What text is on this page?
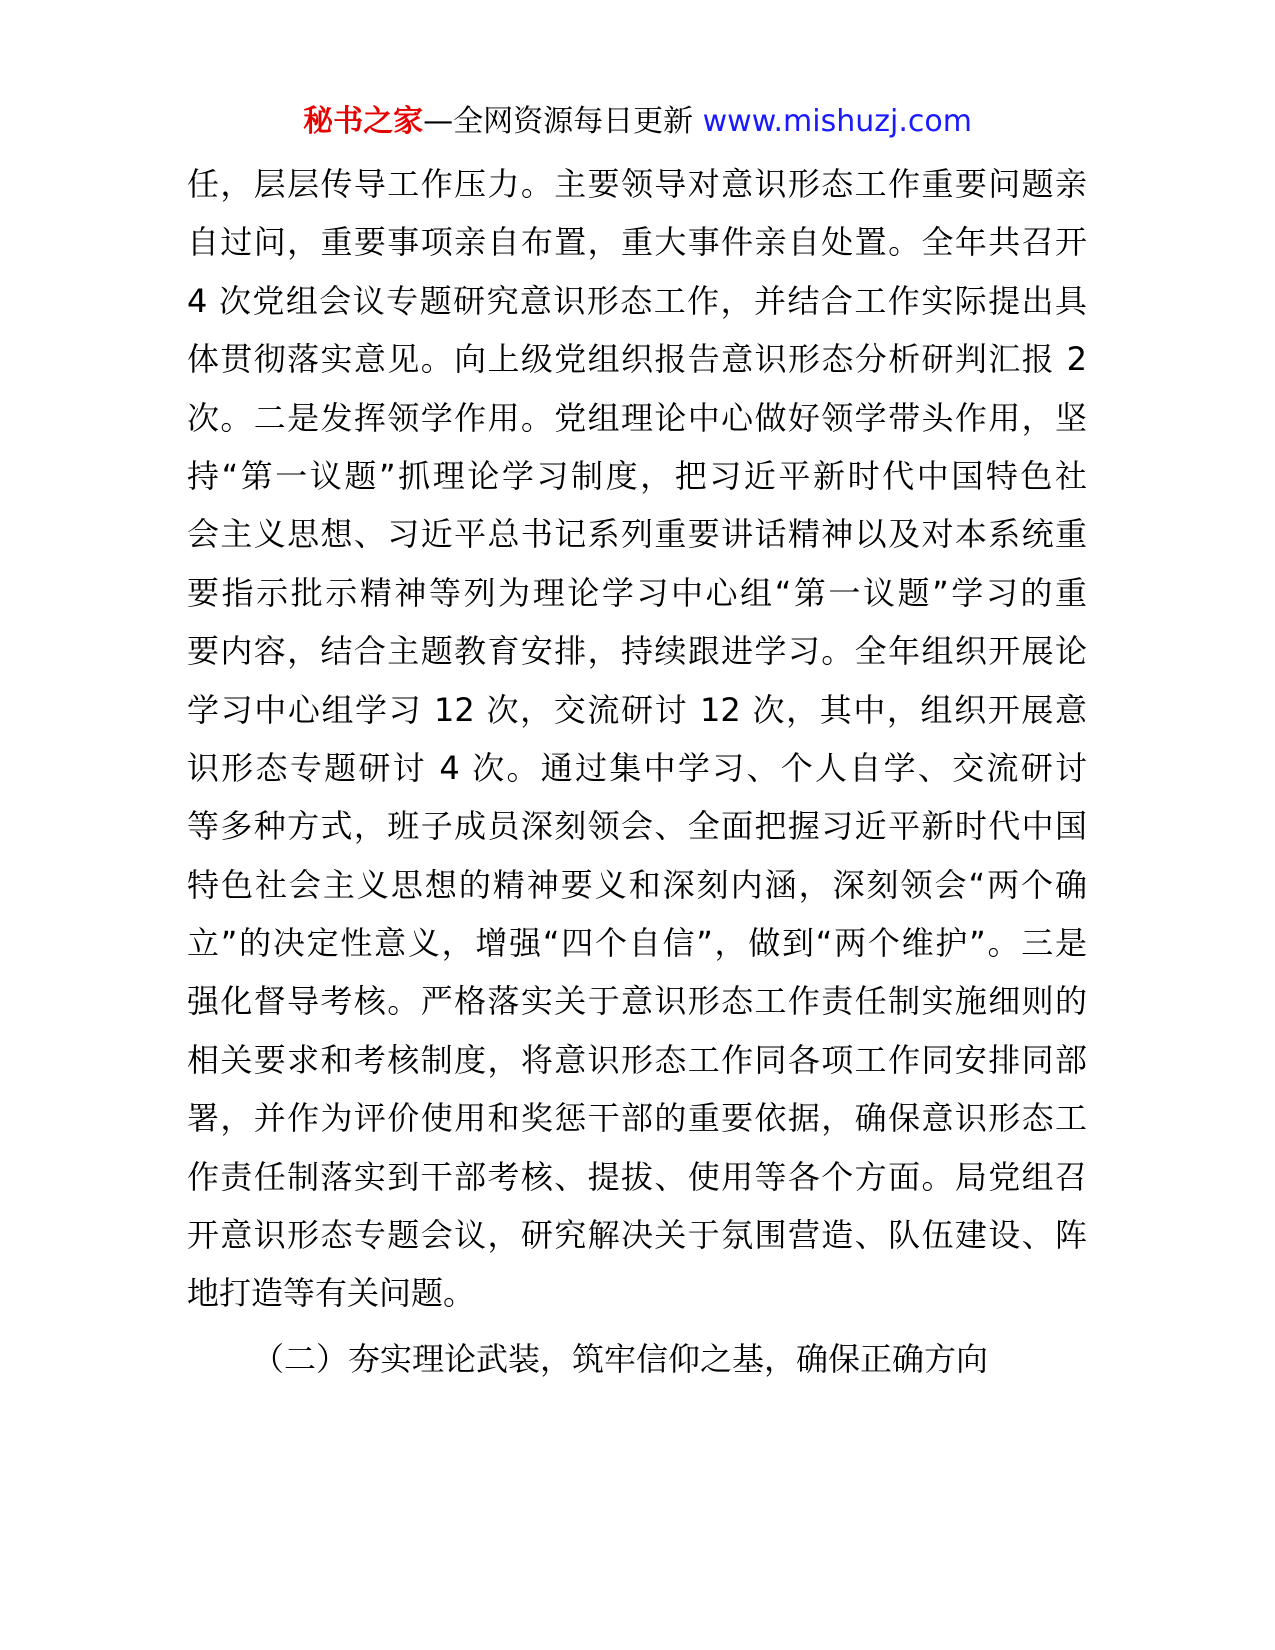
秘书之家—全网资源每日更新 www.mishuzj.com
任，层层传导工作压力。主要领导对意识形态工作重要问题亲
自过问，重要事项亲自布置，重大事件亲自处置。全年共召开
4 次党组会议专题研究意识形态工作，并结合工作实际提出具
体贯彻落实意见。向上级党组织报告意识形态分析研判汇报 2
次。二是发挥领学作用。党组理论中心做好领学带头作用，坚
持“第一议题”抓理论学习制度，把习近平新时代中国特色社
会主义思想、习近平总书记系列重要讲话精神以及对本系统重
要指示批示精神等列为理论学习中心组“第一议题”学习的重
要内容，结合主题教育安排，持续跟进学习。全年组织开展论
学习中心组学习 12 次，交流研讨 12 次，其中，组织开展意
识形态专题研讨 4 次。通过集中学习、个人自学、交流研讨
等多种方式，班子成员深刻领会、全面把握习近平新时代中国
特色社会主义思想的精神要义和深刻内涵，深刻领会“两个确
立”的决定性意义，增强“四个自信”，做到“两个维护”。三是
强化督导考核。严格落实关于意识形态工作责任制实施细则的
相关要求和考核制度，将意识形态工作同各项工作同安排同部
署，并作为评价使用和奖惩干部的重要依据，确保意识形态工
作责任制落实到干部考核、提拔、使用等各个方面。局党组召
开意识形态专题会议，研究解决关于氛围营造、队伍建设、阵
地打造等有关问题。
（二）夯实理论武装，筑牢信仰之基，确保正确方向
